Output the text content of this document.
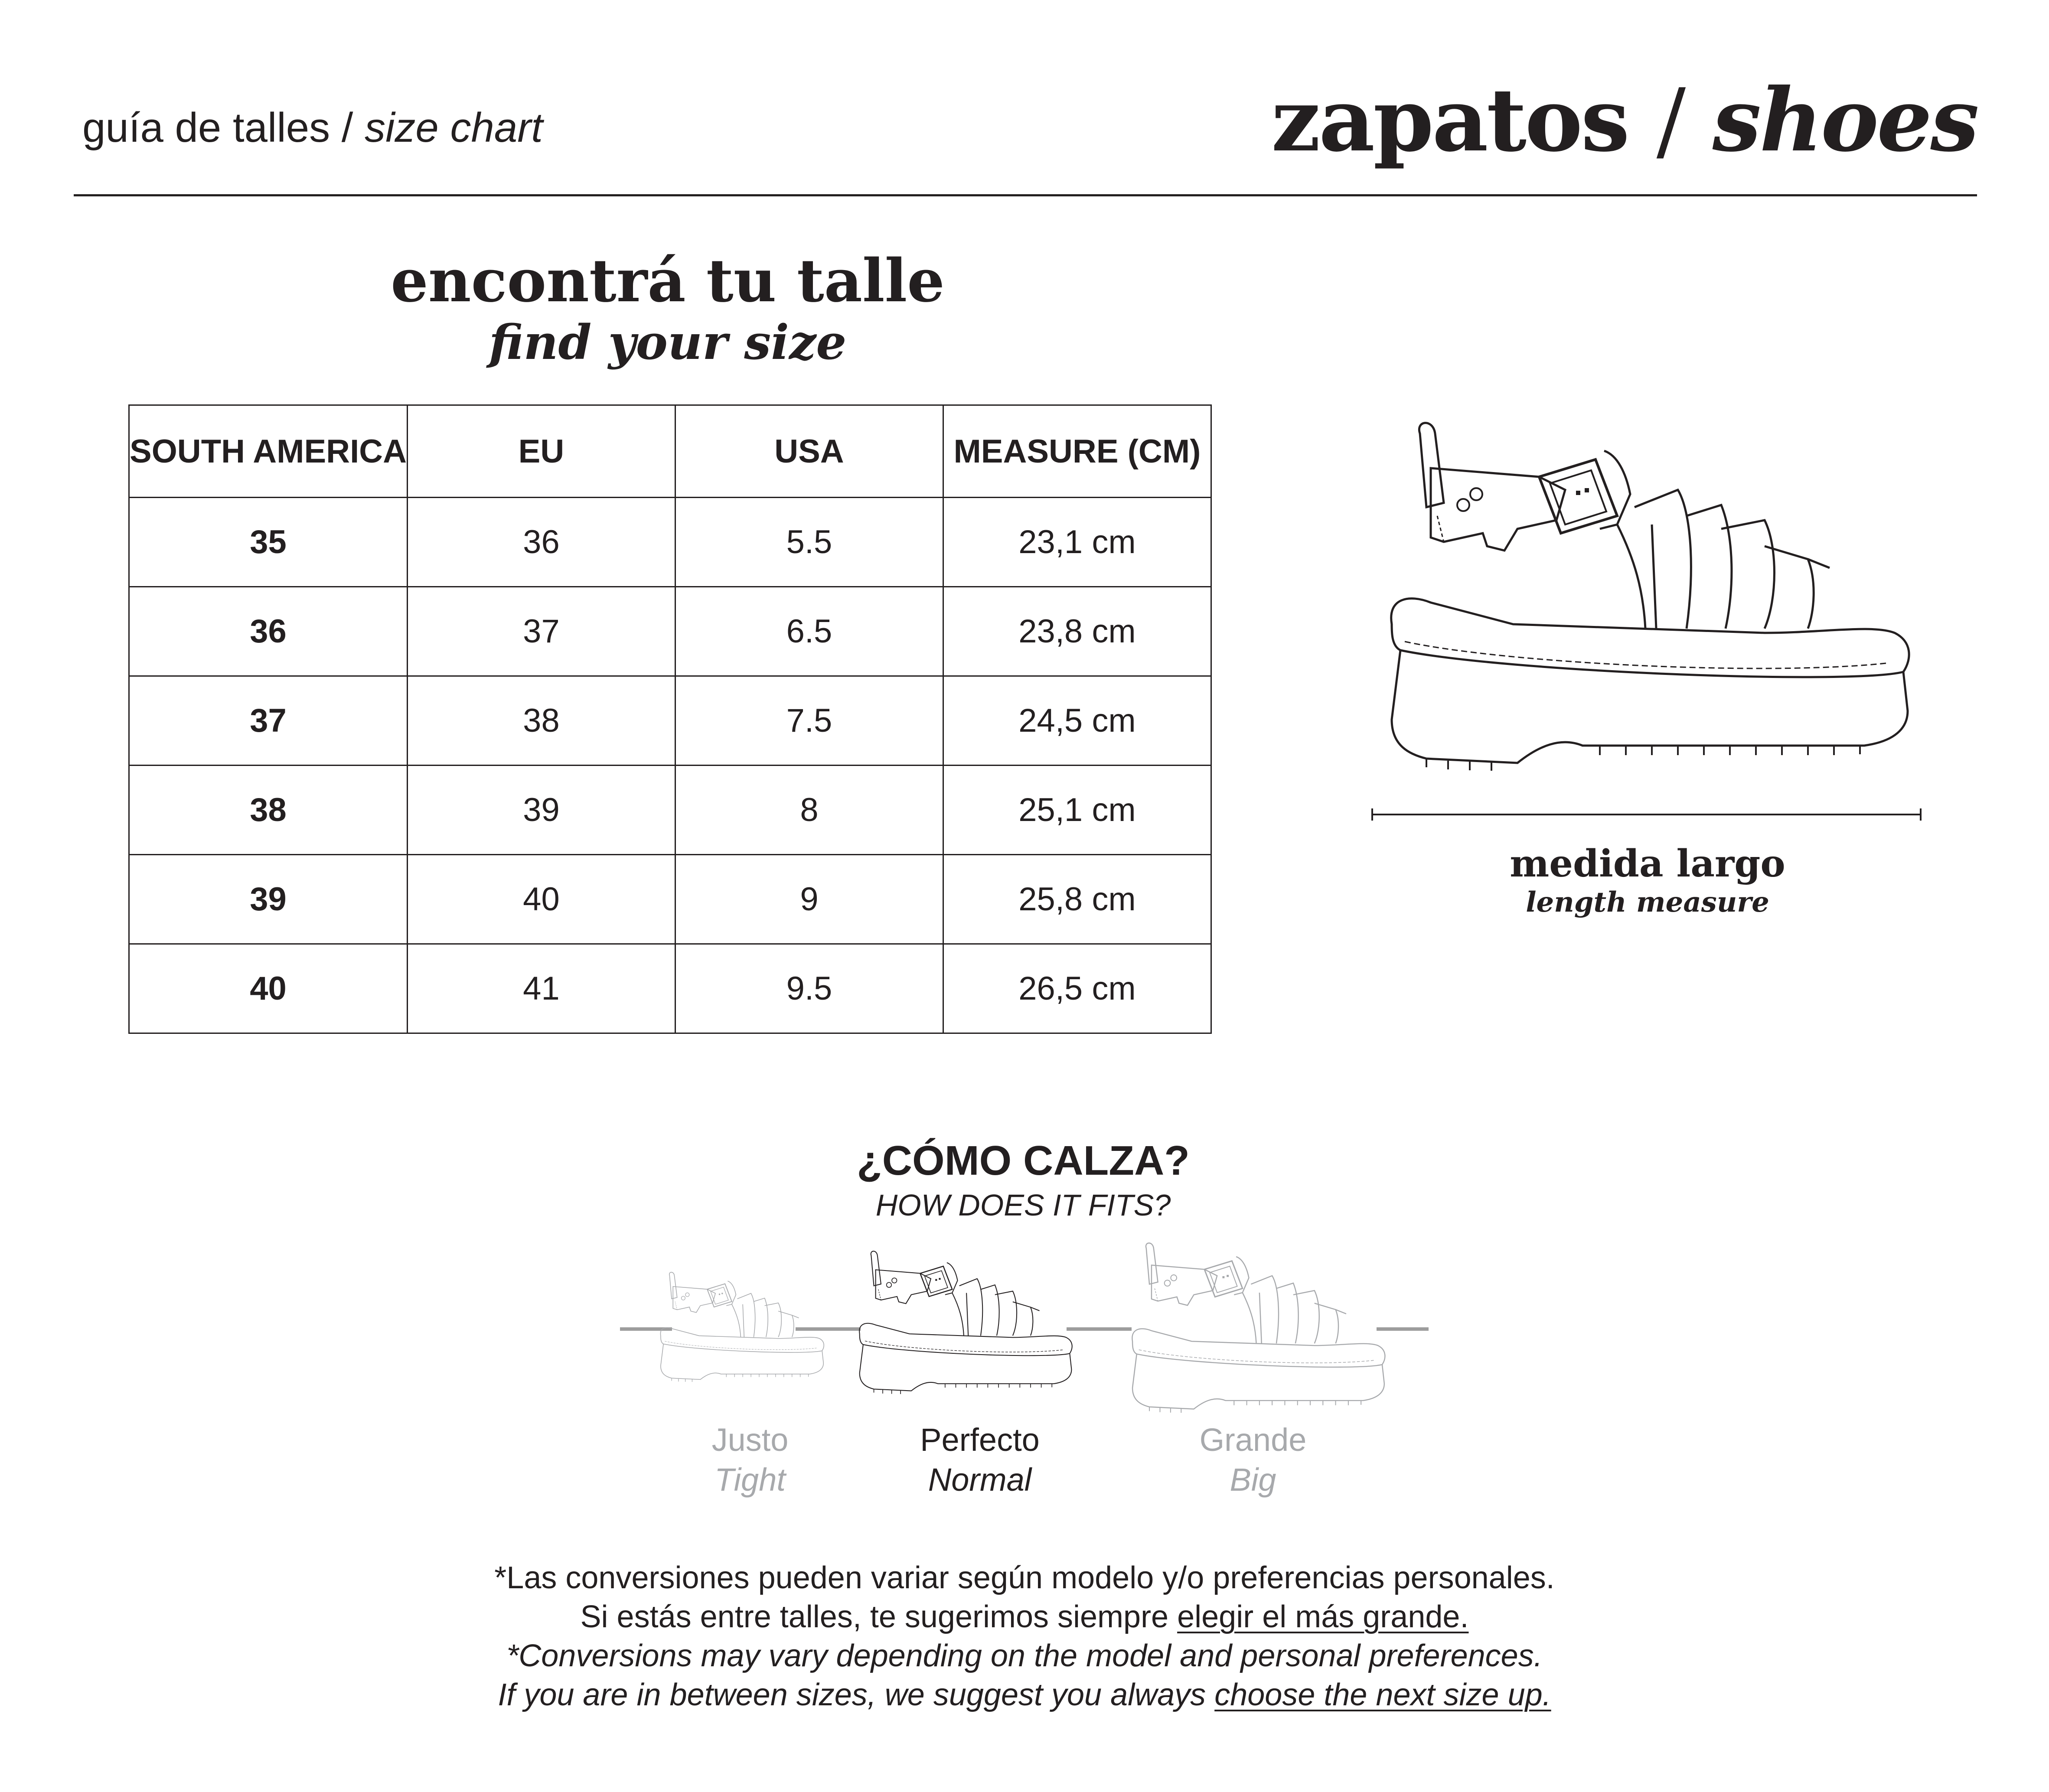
guía de talles / size chart	zapatos / shoes
encontrá tu talle
find your size
SOUTH AMERICA	EU	USA	MEASURE (CM)
35	36	5.5	23,1 cm
36	37	6.5	23,8 cm
37	38	7.5	24,5 cm
38	39	8	25,1 cm
39	40	9	25,8 cm
40	41	9.5	26,5 cm
medida largo
length measure
¿CÓMO CALZA?
HOW DOES IT FITS?
Justo
Tight
Perfecto
Normal
Grande
Big

*Las conversiones pueden variar según modelo y/o preferencias personales.

Si estás entre talles, te sugerimos siempre elegir el más grande.

*Conversions may vary depending on the model and personal preferences.

If you are in between sizes, we suggest you always choose the next size up.
